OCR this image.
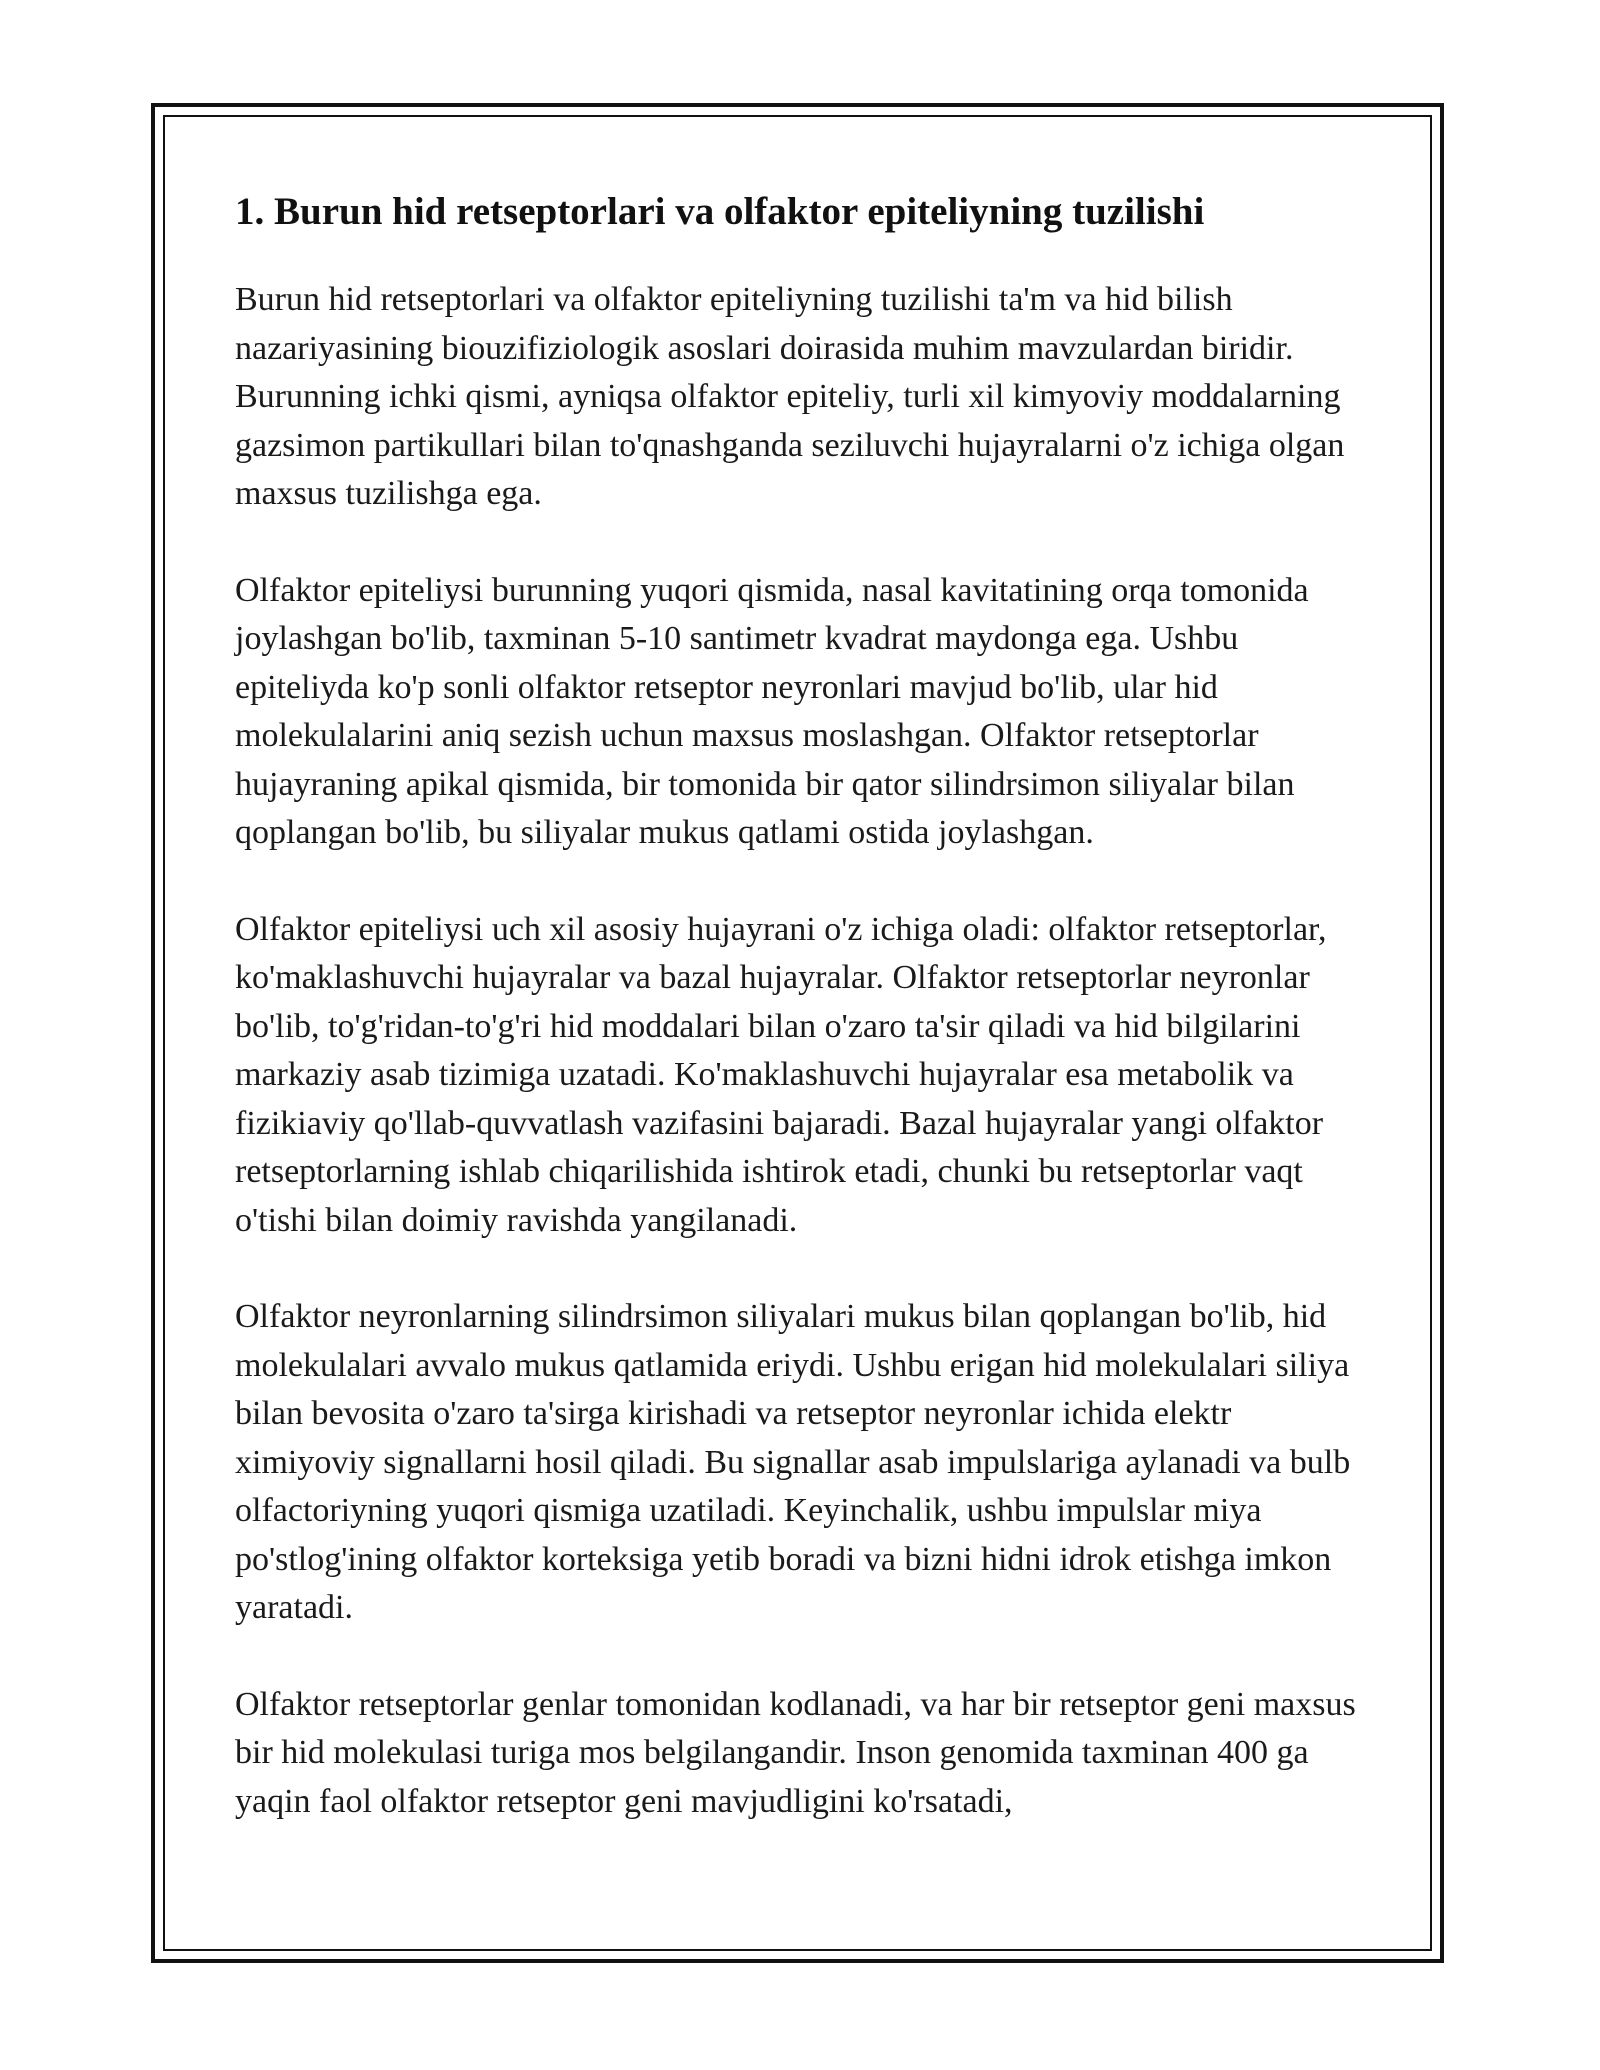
1. Burun hid retseptorlari va olfaktor epiteliyning tuzilishi

Burun hid retseptorlari va olfaktor epiteliyning tuzilishi ta'm va hid bilish nazariyasining biouzifiziologik asoslari doirasida muhim mavzulardan biridir. Burunning ichki qismi, ayniqsa olfaktor epiteliy, turli xil kimyoviy moddalarning gazsimon partikullari bilan to'qnashganda seziluvchi hujayralarni o'z ichiga olgan maxsus tuzilishga ega.

Olfaktor epiteliysi burunning yuqori qismida, nasal kavitatining orqa tomonida joylashgan bo'lib, taxminan 5-10 santimetr kvadrat maydonga ega. Ushbu epiteliyda ko'p sonli olfaktor retseptor neyronlari mavjud bo'lib, ular hid molekulalarini aniq sezish uchun maxsus moslashgan. Olfaktor retseptorlar hujayraning apikal qismida, bir tomonida bir qator silindrsimon siliyalar bilan qoplangan bo'lib, bu siliyalar mukus qatlami ostida joylashgan.

Olfaktor epiteliysi uch xil asosiy hujayrani o'z ichiga oladi: olfaktor retseptorlar, ko'maklashuvchi hujayralar va bazal hujayralar. Olfaktor retseptorlar neyronlar bo'lib, to'g'ridan-to'g'ri hid moddalari bilan o'zaro ta'sir qiladi va hid bilgilarini markaziy asab tizimiga uzatadi. Ko'maklashuvchi hujayralar esa metabolik va fizikiaviy qo'llab-quvvatlash vazifasini bajaradi. Bazal hujayralar yangi olfaktor retseptorlarning ishlab chiqarilishida ishtirok etadi, chunki bu retseptorlar vaqt o'tishi bilan doimiy ravishda yangilanadi.

Olfaktor neyronlarning silindrsimon siliyalari mukus bilan qoplangan bo'lib, hid molekulalari avvalo mukus qatlamida eriydi. Ushbu erigan hid molekulalari siliya bilan bevosita o'zaro ta'sirga kirishadi va retseptor neyronlar ichida elektr ximiyoviy signallarni hosil qiladi. Bu signallar asab impulslariga aylanadi va bulb olfactoriyning yuqori qismiga uzatiladi. Keyinchalik, ushbu impulslar miya po'stlog'ining olfaktor korteksiga yetib boradi va bizni hidni idrok etishga imkon yaratadi.

Olfaktor retseptorlar genlar tomonidan kodlanadi, va har bir retseptor geni maxsus bir hid molekulasi turiga mos belgilangandir. Inson genomida taxminan 400 ga yaqin faol olfaktor retseptor geni mavjudligini ko'rsatadi,
